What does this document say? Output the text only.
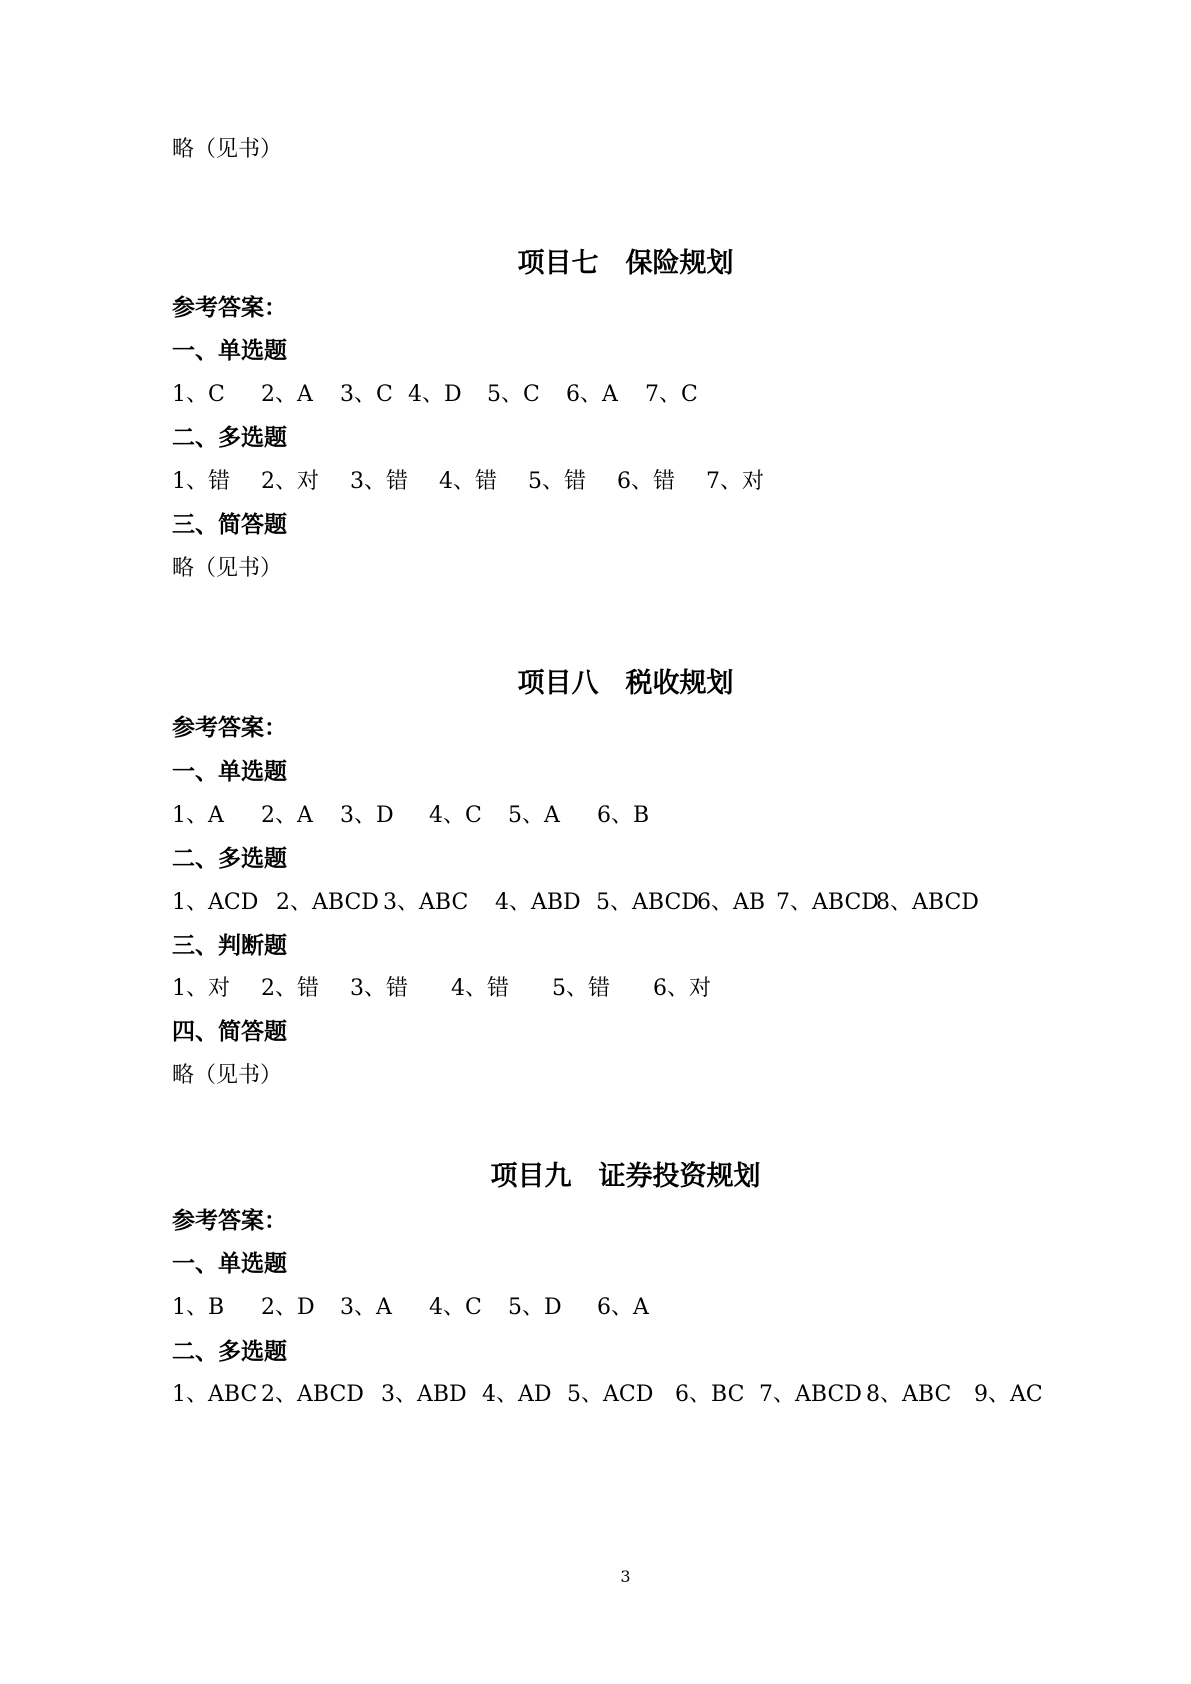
略（见书）
项目七　保险规划
参考答案：
一、单选题
1、C	2、A	3、C 4、D	5、C	6、A	7、C
二、多选题
1、错	2、对	3、错	4、错	5、错	6、错	7、对
三、简答题
略（见书）
项目八　税收规划
参考答案：
一、单选题
1、A	2、A	3、D	4、C	5、A	6、B
二、多选题
1、ACD 2、ABCD 3、ABC	4、ABD 5、ABCD
6、AB 7、ABCD
8、ABCD
三、判断题
1、对	2、错	3、错	4、错	5、错	6、对
四、简答题
略（见书）
项目九　证券投资规划
参考答案：
一、单选题
1、B	2、D	3、A	4、C	5、D	6、A
二、多选题
1、ABC 2、ABCD 3、ABD 4、AD 5、ACD 6、BC 7、ABCD 8、ABC	9、AC
3
